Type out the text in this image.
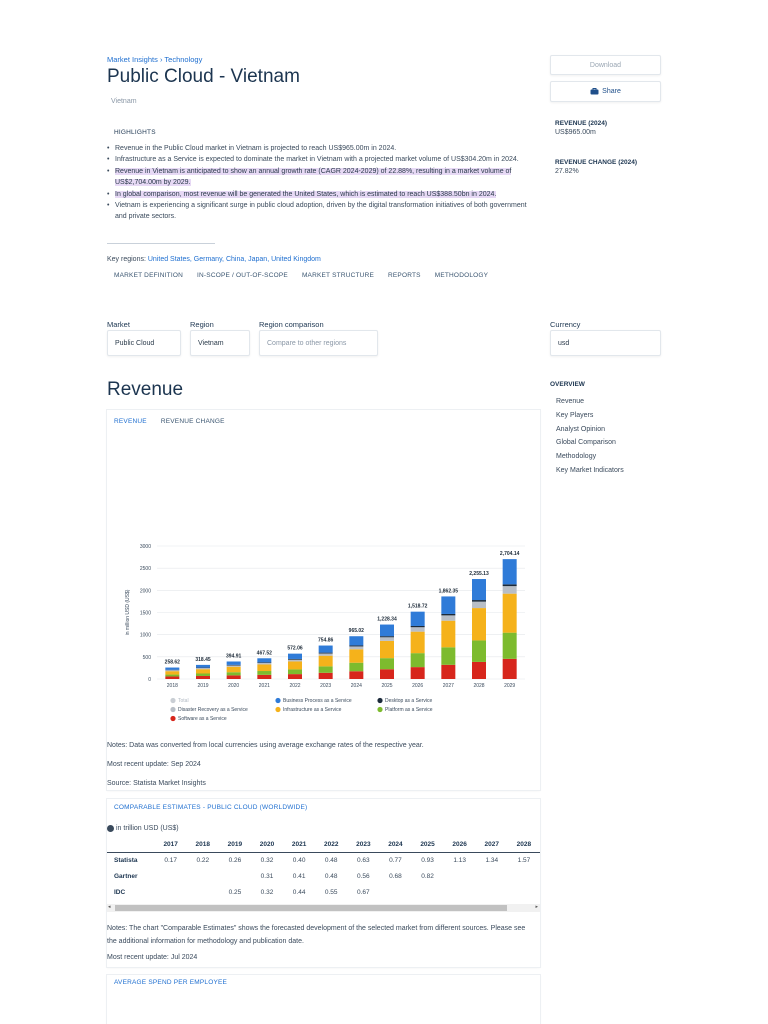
Market Insights › Technology
Public Cloud - Vietnam
Vietnam
Download
Share
REVENUE (2024)
US$965.00m
REVENUE CHANGE (2024)
27.82%
HIGHLIGHTS
• Revenue in the Public Cloud market in Vietnam is projected to reach US$965.00m in 2024.
• Infrastructure as a Service is expected to dominate the market in Vietnam with a projected market volume of US$304.20m in 2024.
• Revenue in Vietnam is anticipated to show an annual growth rate (CAGR 2024-2029) of 22.88%, resulting in a market volume of US$2,704.00m by 2029.
• In global comparison, most revenue will be generated the United States, which is estimated to reach US$388.50bn in 2024.
• Vietnam is experiencing a significant surge in public cloud adoption, driven by the digital transformation initiatives of both government and private sectors.
Key regions: United States, Germany, China, Japan, United Kingdom
MARKET DEFINITION IN-SCOPE / OUT-OF-SCOPE MARKET STRUCTURE REPORTS METHODOLOGY
Market
Public Cloud
Region
Vietnam
Region comparison
Compare to other regions
Currency
usd
Revenue	OVERVIEW
Revenue
Key Players
Analyst Opinion
Global Comparison
Methodology
Key Market Indicators
REVENUE REVENUE CHANGE
0
500
1000
1500
2000
2500
3000
in million USD (US$)
258.62
2018
318.45
2019
394.91
2020
467.52
2021
572.06
2022
754.86
2023
965.02
2024
1,228.34
2025
1,518.72
2026
1,862.35
2027
2,255.13
2028
2,704.14
2029
Total	Business Process as a Service	Desktop as a Service
Disaster Recovery as a Service	Infrastructure as a Service	Platform as a Service
Software as a Service
Notes: Data was converted from local currencies using average exchange rates of the respective year.
Most recent update: Sep 2024
Source: Statista Market Insights
COMPARABLE ESTIMATES - PUBLIC CLOUD (WORLDWIDE)
in trillion USD (US$)
	2017	2018	2019	2020	2021	2022	2023	2024	2025	2026	2027	2028
Statista	0.17	0.22	0.26	0.32	0.40	0.48	0.63	0.77	0.93	1.13	1.34	1.57
Gartner				0.31	0.41	0.48	0.56	0.68	0.82			
IDC			0.25	0.32	0.44	0.55	0.67					
◂	▸
Notes: The chart "Comparable Estimates" shows the forecasted development of the selected market from different sources. Please see the additional information for methodology and publication date.
Most recent update: Jul 2024
AVERAGE SPEND PER EMPLOYEE
